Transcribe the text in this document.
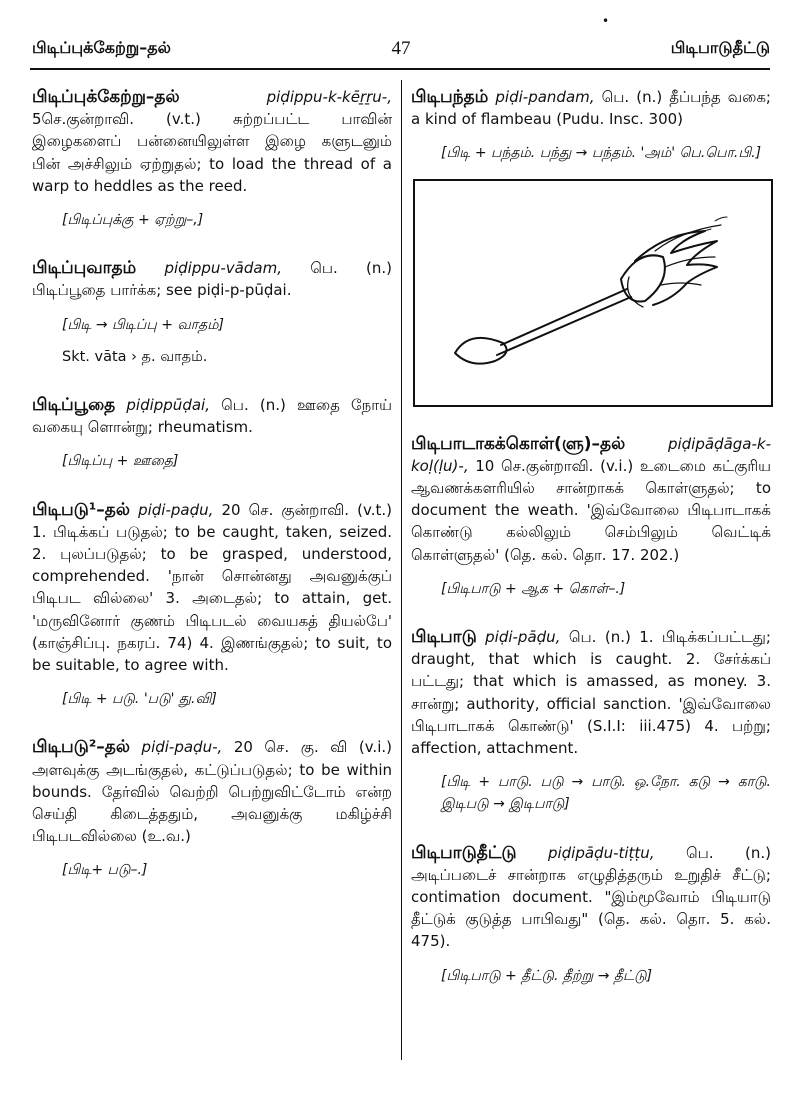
•
பிடிப்புக்கேற்று–தல்	47	பிடிபாடுதீட்டு
பிடிப்புக்கேற்று–தல்	piḍippu-k-kēṟṟu-, 5செ.குன்றாவி. (v.t.) சுற்றப்பட்ட பாவின் இழைகளைப் பன்னையிலுள்ள இழை களுடனும் பின் அச்சிலும் ஏற்றுதல்; to load the thread of a warp to heddles as the reed.
[பிடிப்புக்கு + ஏற்று–,]
பிடிப்புவாதம் piḍippu-vādam, பெ. (n.) பிடிப்பூதை பார்க்க; see piḍi-p-pūḍai.
[பிடி → பிடிப்பு + வாதம்]
Skt. vāta › த. வாதம்.
பிடிப்பூதை piḍippūḍai, பெ. (n.) ஊதை நோய் வகையு ளொன்று; rheumatism.
[பிடிப்பு + ஊதை]
பிடிபடு¹–தல் piḍi-paḍu, 20 செ. குன்றாவி. (v.t.) 1. பிடிக்கப் படுதல்; to be caught, taken, seized. 2. புலப்படுதல்; to be grasped, understood, comprehended. 'நான் சொன்னது அவனுக்குப் பிடிபட வில்லை' 3. அடைதல்; to attain, get. 'மருவினோர் குணம் பிடிபடல் வையகத் தியல்பே' (காஞ்சிப்பு. நகரப். 74) 4. இணங்குதல்; to suit, to be suitable, to agree with.
[பிடி + படு. 'படு' து.வி]
பிடிபடு²–தல் piḍi-paḍu-, 20 செ. கு. வி (v.i.) அளவுக்கு அடங்குதல், கட்டுப்படுதல்; to be within bounds. தேர்வில் வெற்றி பெற்றுவிட்டோம் என்ற செய்தி கிடைத்ததும், அவனுக்கு மகிழ்ச்சி பிடிபடவில்லை (உ.வ.)
[பிடி+ படு–.]
பிடிபந்தம் piḍi-pandam, பெ. (n.) தீப்பந்த வகை; a kind of flambeau (Pudu. Insc. 300)
[பிடி + பந்தம். பந்து → பந்தம். 'அம்' பெ.பொ.பி.]
பிடிபாடாகக்கொள்(ளு)–தல்	piḍipāḍāga-k-koḷ(ḷu)-, 10 செ.குன்றாவி. (v.i.) உடைமை கட்குரிய ஆவணக்களரியில் சான்றாகக் கொள்ளுதல்; to document the weath. 'இவ்வோலை பிடிபாடாகக் கொண்டு கல்லிலும் செம்பிலும் வெட்டிக் கொள்ளுதல்' (தெ. கல். தொ. 17. 202.)
[பிடிபாடு + ஆக + கொள்–.]
பிடிபாடு piḍi-pāḍu, பெ. (n.) 1. பிடிக்கப்பட்டது; draught, that which is caught. 2. சேர்க்கப் பட்டது; that which is amassed, as money. 3. சான்று; authority, official sanction. 'இவ்வோலை பிடிபாடாகக் கொண்டு' (S.I.I: iii.475) 4. பற்று; affection, attachment.
[பிடி + பாடு. படு → பாடு. ஒ.நோ. கடு → காடு. இடிபடு → இடிபாடு]
பிடிபாடுதீட்டு piḍipāḍu-tiṭṭu, பெ. (n.) அடிப்படைச் சான்றாக எழுதித்தரும் உறுதிச் சீட்டு; contimation document. "இம்மூவோம் பிடியாடு தீட்டுக் குடுத்த பாபிவது" (தெ. கல். தொ. 5. கல். 475).
[பிடிபாடு + தீட்டு. தீற்று → தீட்டு]
